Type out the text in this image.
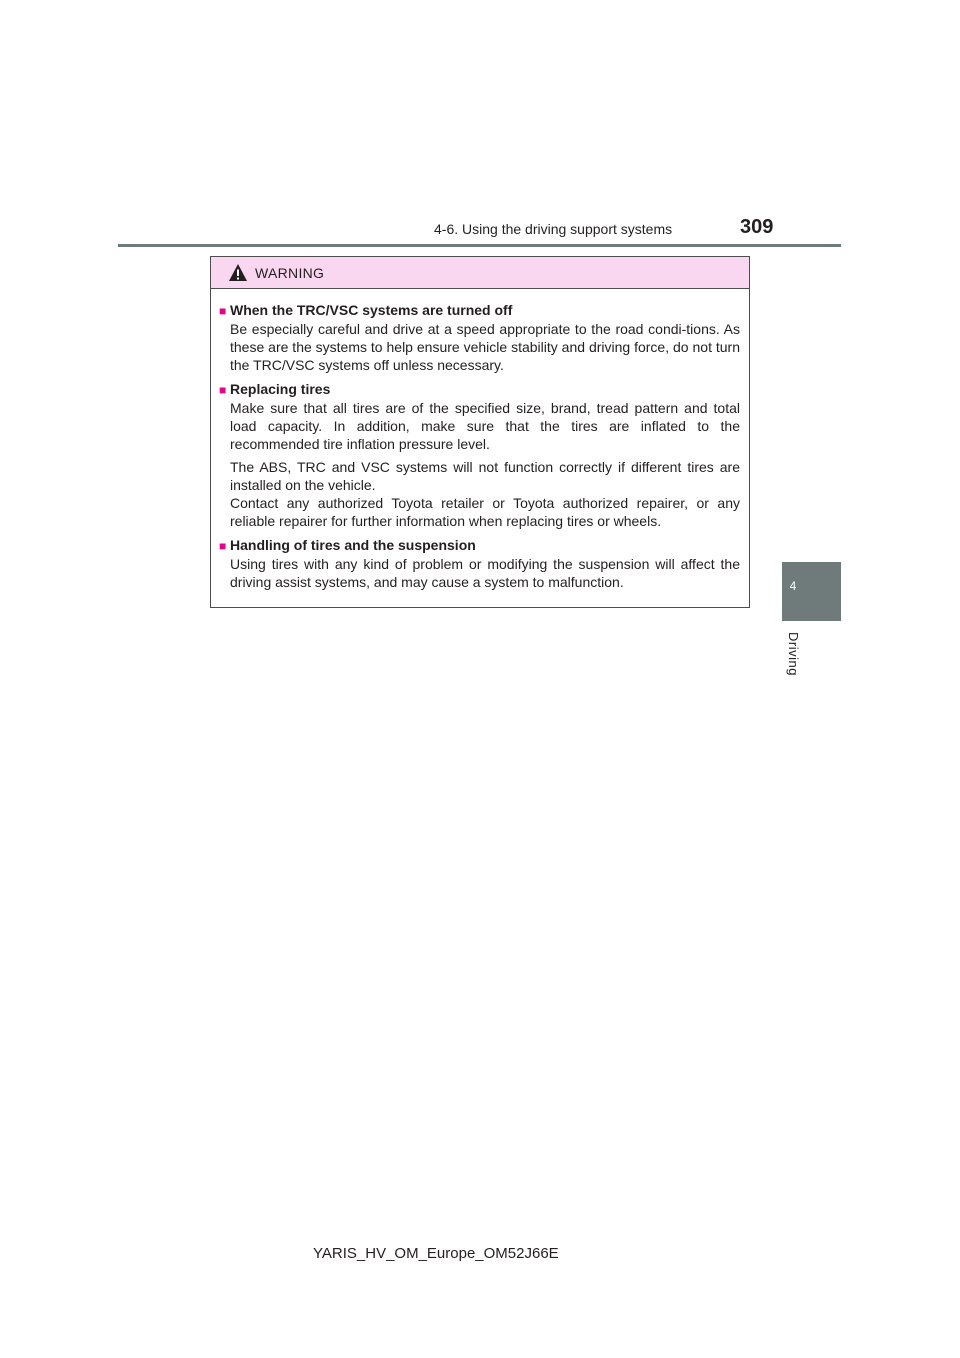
4-6. Using the driving support systems	309
4
Driving
WARNING

■ When the TRC/VSC systems are turned off

Be especially careful and drive at a speed appropriate to the road condi-tions. As these are the systems to help ensure vehicle stability and driving force, do not turn the TRC/VSC systems off unless necessary.

■ Replacing tires

Make sure that all tires are of the specified size, brand, tread pattern and total load capacity. In addition, make sure that the tires are inflated to the recommended tire inflation pressure level.

The ABS, TRC and VSC systems will not function correctly if different tires are installed on the vehicle.

Contact any authorized Toyota retailer or Toyota authorized repairer, or any reliable repairer for further information when replacing tires or wheels.

■ Handling of tires and the suspension

Using tires with any kind of problem or modifying the suspension will affect the driving assist systems, and may cause a system to malfunction.

YARIS_HV_OM_Europe_OM52J66E
